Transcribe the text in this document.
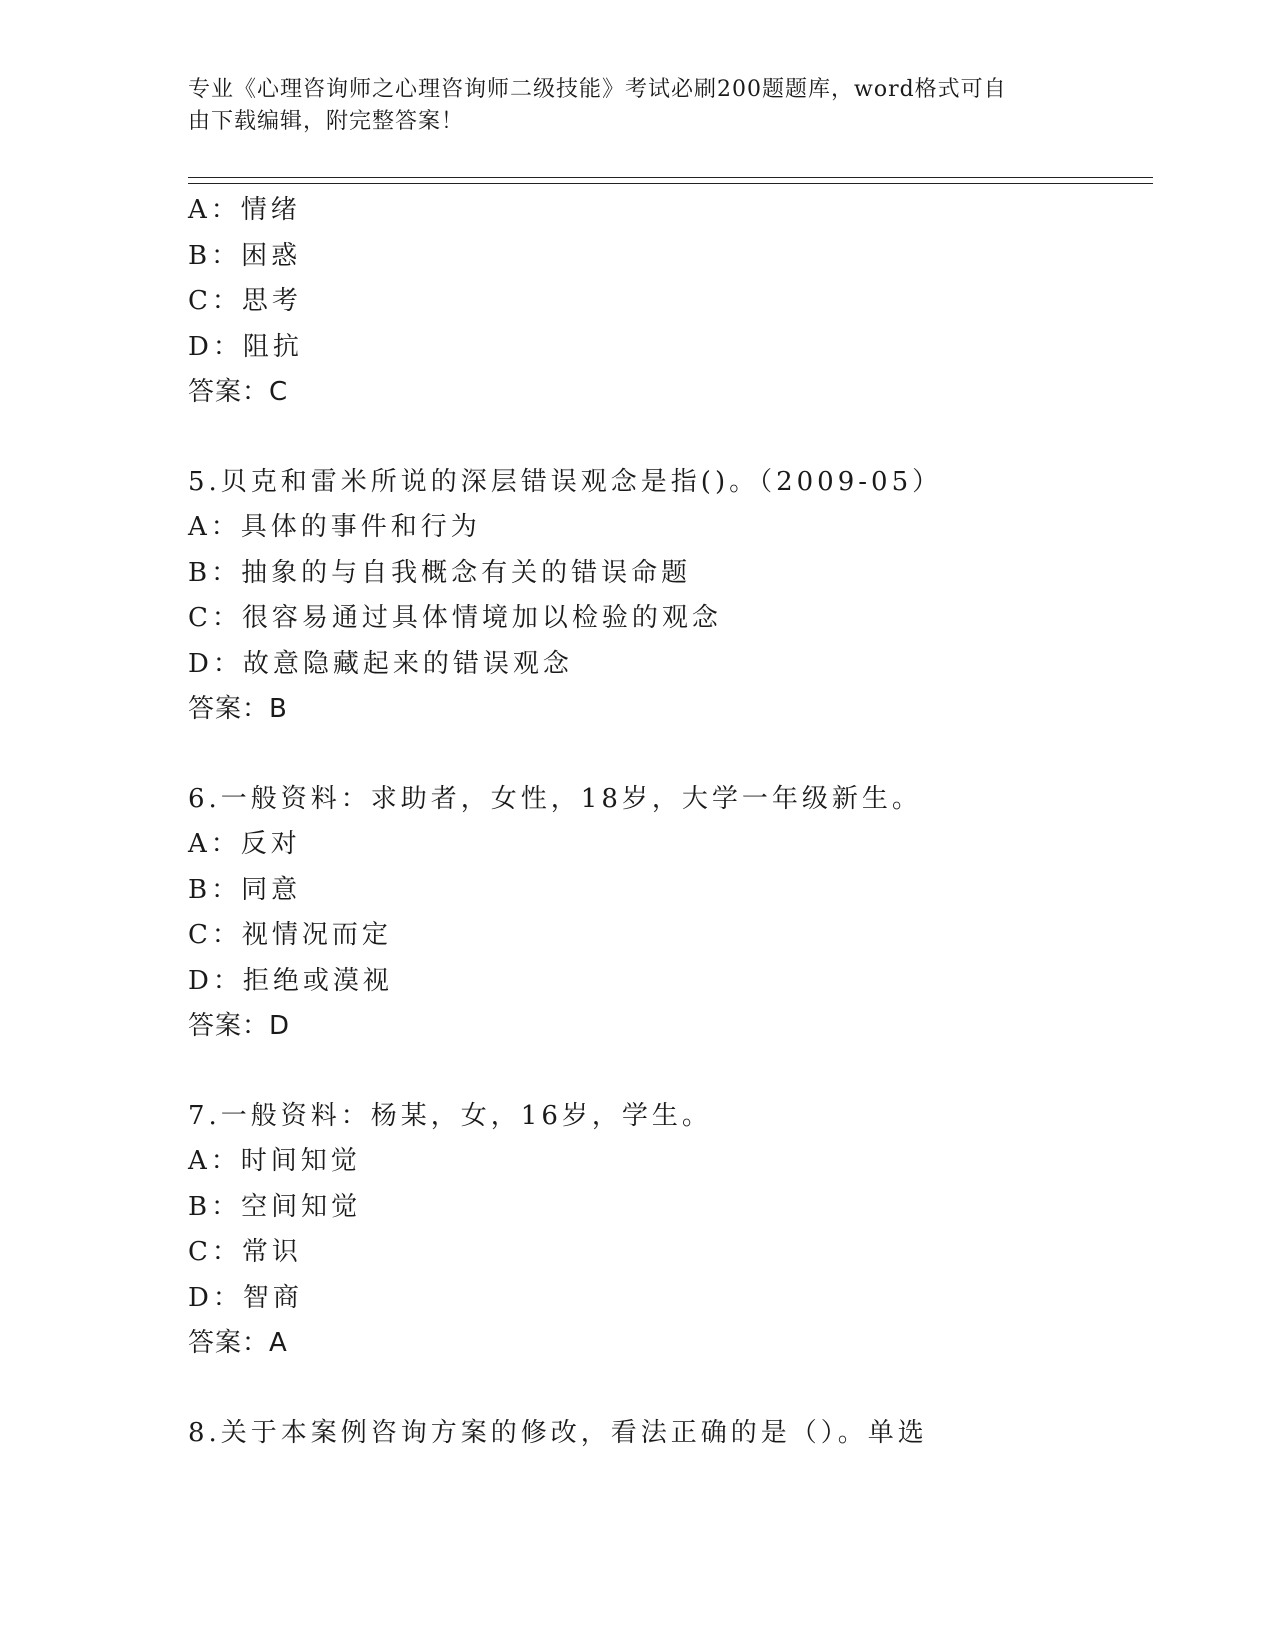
专业《心理咨询师之心理咨询师二级技能》考试必刷200题题库，word格式可自
由下载编辑，附完整答案！
A：情绪
B：困惑
C：思考
D：阻抗
答案：C
5.贝克和雷米所说的深层错误观念是指()。（2009-05）
A：具体的事件和行为
B：抽象的与自我概念有关的错误命题
C：很容易通过具体情境加以检验的观念
D：故意隐藏起来的错误观念
答案：B
6.一般资料：求助者，女性，18岁，大学一年级新生。
A：反对
B：同意
C：视情况而定
D：拒绝或漠视
答案：D
7.一般资料：杨某，女，16岁，学生。
A：时间知觉
B：空间知觉
C：常识
D：智商
答案：A
8.关于本案例咨询方案的修改，看法正确的是（）。单选
